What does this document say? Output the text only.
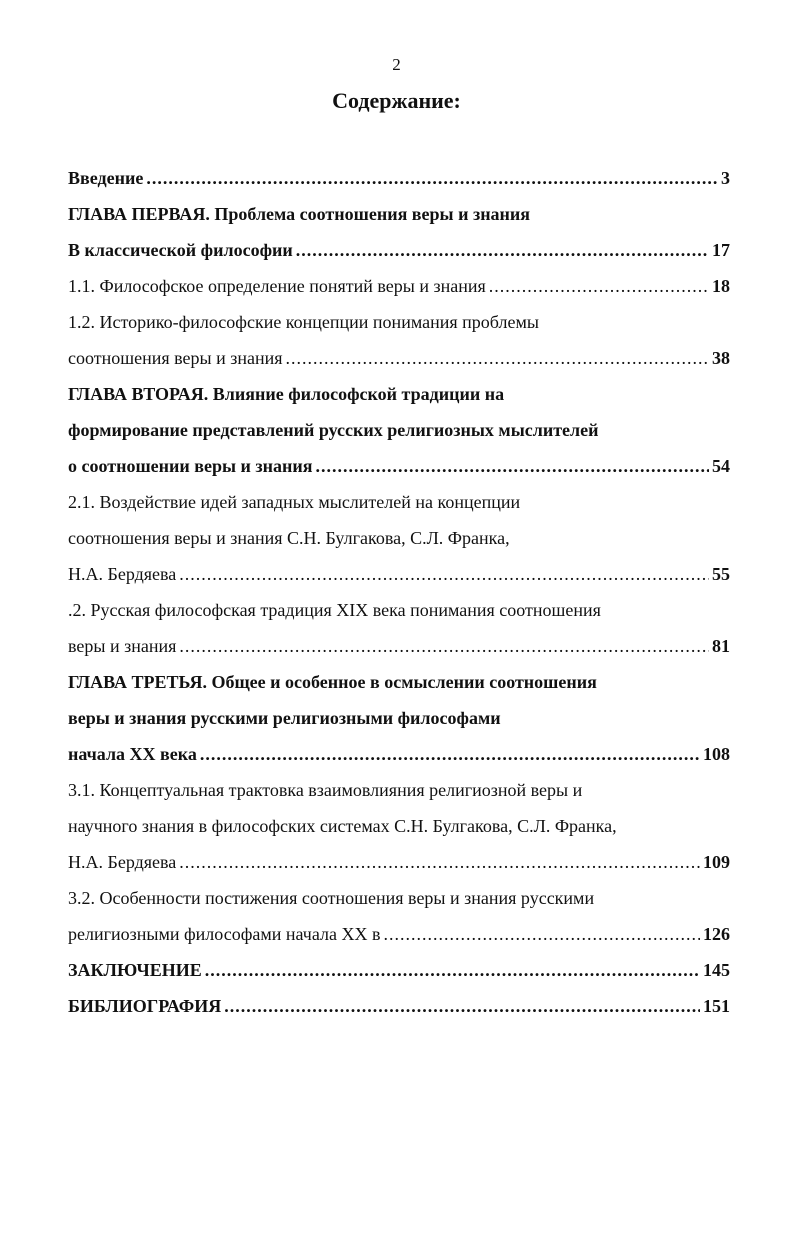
2
Содержание:
Введение .....	3
ГЛАВА ПЕРВАЯ. Проблема соотношения веры и знания
В классической философии .....	17
1.1. Философское определение понятий веры и знания .....	18
1.2. Историко-философские концепции понимания проблемы
соотношения веры и знания .....	38
ГЛАВА ВТОРАЯ. Влияние философской традиции на
формирование представлений русских религиозных мыслителей
о соотношении веры и знания .....	54
2.1. Воздействие идей западных мыслителей на концепции
соотношения веры и знания С.Н. Булгакова, С.Л. Франка,
Н.А. Бердяева .....	55
.2. Русская философская традиция XIX века понимания соотношения
веры и знания .....	81
ГЛАВА ТРЕТЬЯ. Общее и особенное в осмыслении соотношения
веры и знания русскими религиозными философами
начала XX века .....	108
3.1. Концептуальная трактовка взаимовлияния религиозной веры и
научного знания в философских системах С.Н. Булгакова, С.Л. Франка,
Н.А. Бердяева .....	109
3.2. Особенности постижения соотношения веры и знания русскими
религиозными философами начала XX в .....	126
ЗАКЛЮЧЕНИЕ .....	145
БИБЛИОГРАФИЯ .....	151
